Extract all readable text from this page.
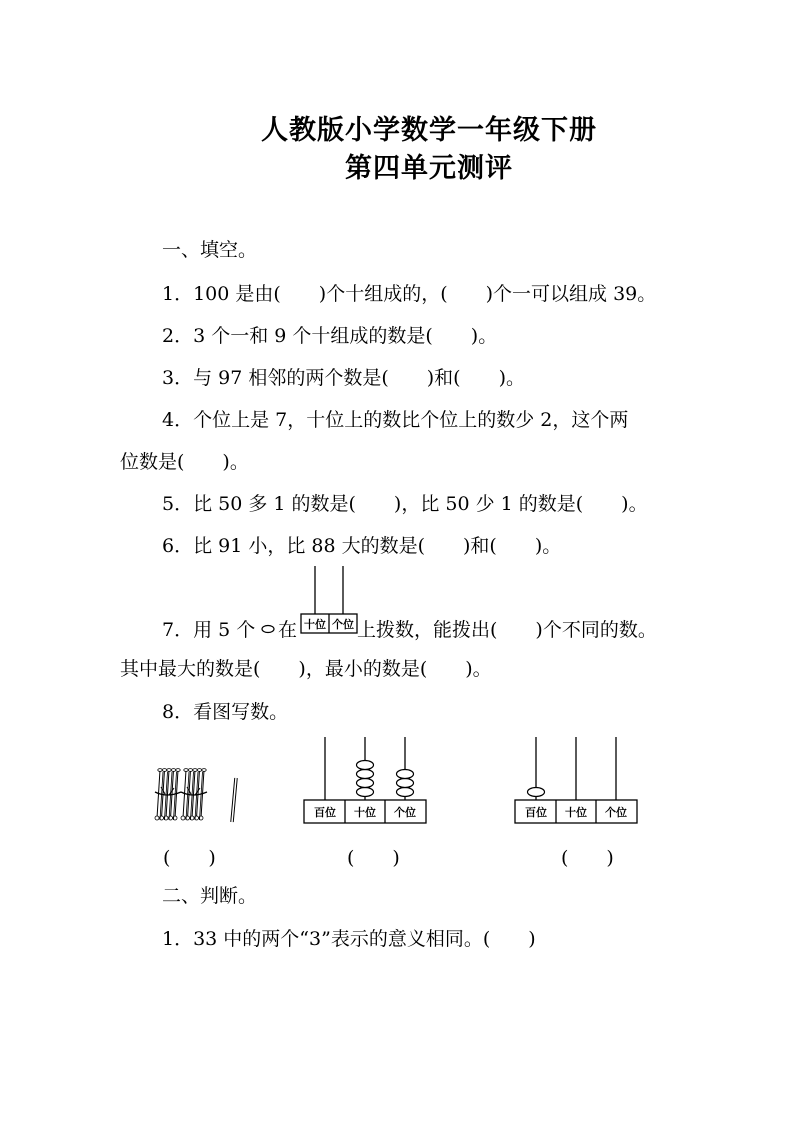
人教版小学数学一年级下册
第四单元测评
一、填空。
1．100 是由(　　)个十组成的，(　　)个一可以组成 39。
2．3 个一和 9 个十组成的数是(　　)。
3．与 97 相邻的两个数是(　　)和(　　)。
4．个位上是 7，十位上的数比个位上的数少 2，这个两
位数是(　　)。
5．比 50 多 1 的数是(　　)，比 50 少 1 的数是(　　)。
6．比 91 小，比 88 大的数是(　　)和(　　)。
7．用 5 个 在	上拨数，能拨出(　　)个不同的数。
其中最大的数是(　　)，最小的数是(　　)。
8．看图写数。
十位 个位
百位 十位 个位	百位 十位 个位
(　　)	(　　)	(　　)
二、判断。
1．33 中的两个“3”表示的意义相同。(　　)
